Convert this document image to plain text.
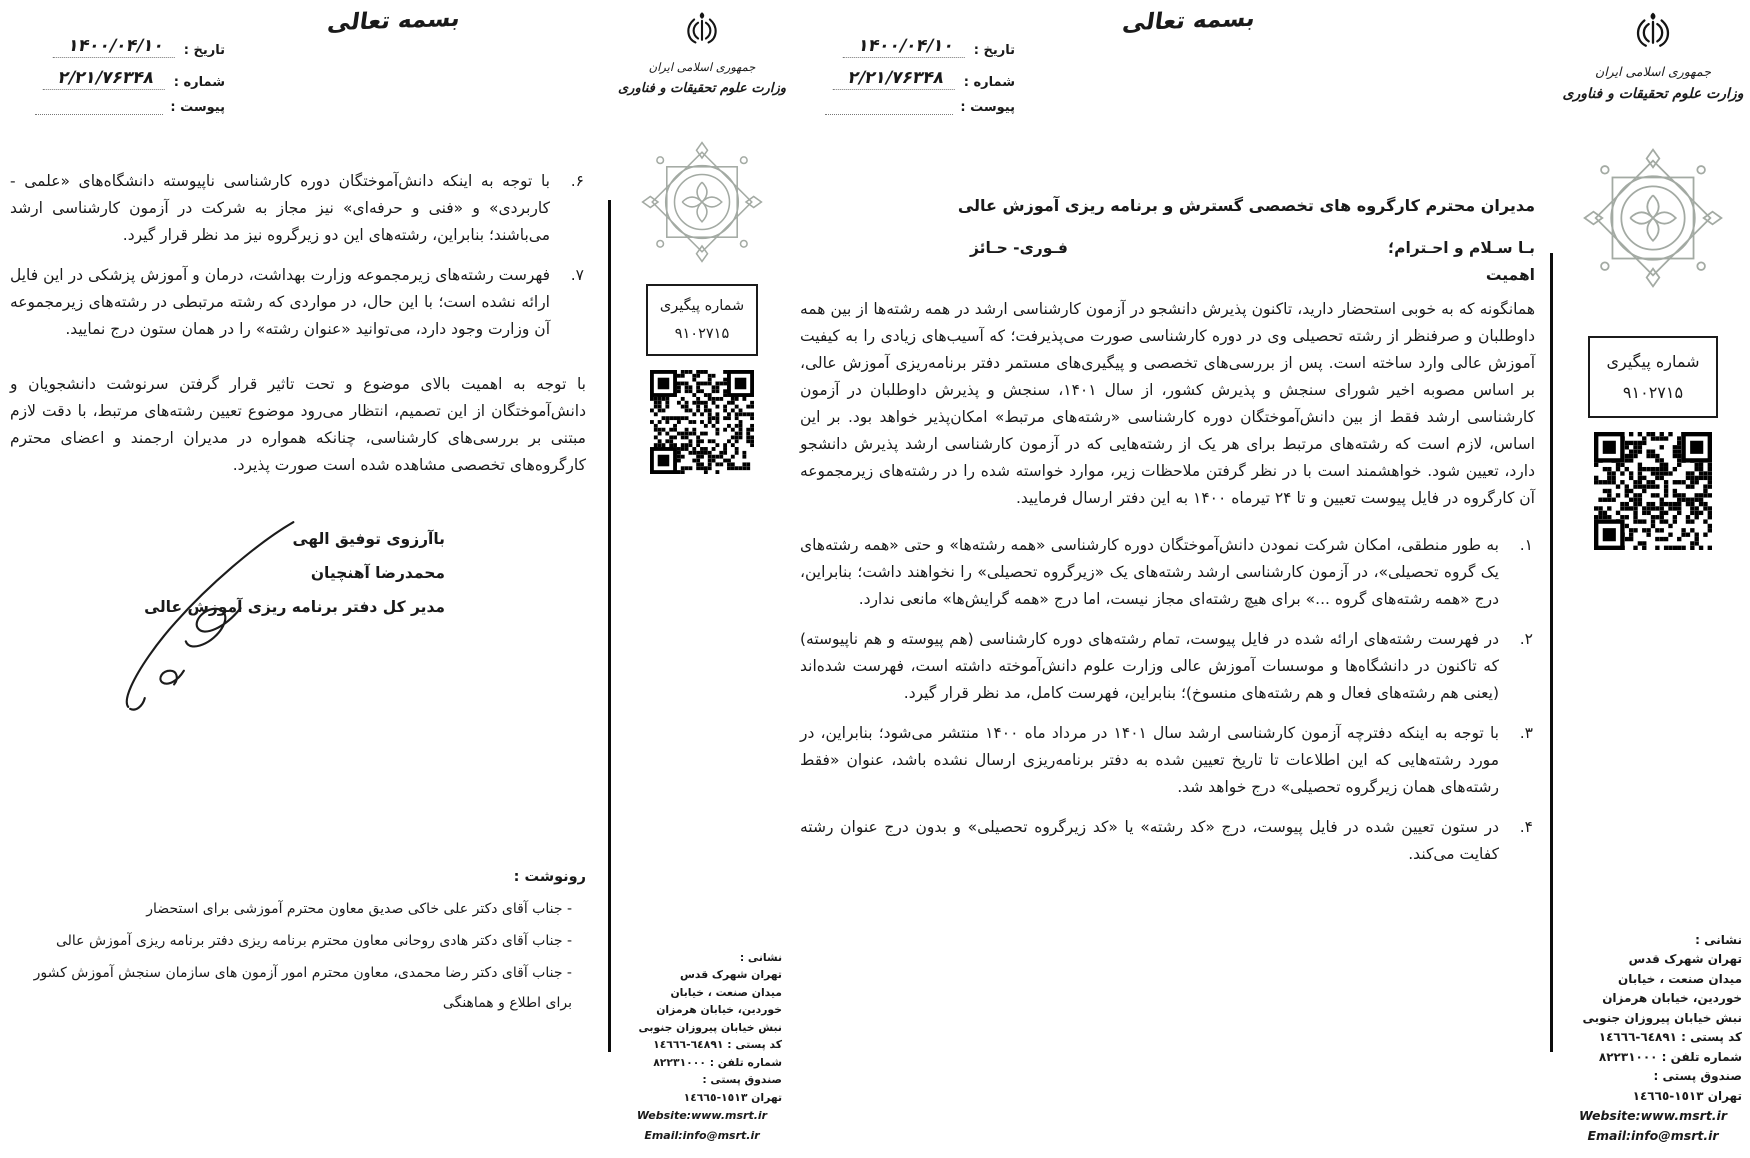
جمهوری اسلامی ایران
وزارت علوم تحقیقات و فناوری
شماره پیگیری
۹۱۰۲۷۱۵
نشانی :
تهران شهرک قدس
میدان صنعت ، خیابان
خوردین، خیابان هرمزان
نبش خیابان پیروزان جنوبی
کد پستی : ٦٤٨٩١-١٤٦٦٦
شماره تلفن : ٨٢٢٣١٠٠٠
صندوق پستی :
تهران ١٥١٣-١٤٦٦٥
Website:www.msrt.ir
Email:info@msrt.ir
بسمه تعالی
تاریخ :
۱۴۰۰/۰۴/۱۰
شماره :
۲/۲۱/۷۶۳۴۸
پیوست :
مدیران محترم کارگروه های تخصصی گسترش و برنامه ریزی آموزش عالی
بـا سـلام و احـترام؛
فـوری- حـائز
اهمیت
همانگونه که به خوبی استحضار دارید، تاکنون پذیرش دانشجو در آزمون کارشناسی ارشد در همه رشته‌ها از بین همه داوطلبان و صرفنظر از رشته تحصیلی وی در دوره کارشناسی صورت می‌پذیرفت؛ که آسیب‌های زیادی را به کیفیت آموزش عالی وارد ساخته است. پس از بررسی‌های تخصصی و پیگیری‌های مستمر دفتر برنامه‌ریزی آموزش عالی، بر اساس مصوبه اخیر شورای سنجش و پذیرش کشور، از سال ۱۴۰۱، سنجش و پذیرش داوطلبان در آزمون کارشناسی ارشد فقط از بین دانش‌آموختگان دوره کارشناسی «رشته‌های مرتبط» امکان‌پذیر خواهد بود. بر این اساس، لازم است که رشته‌های مرتبط برای هر یک از رشته‌هایی که در آزمون کارشناسی ارشد پذیرش دانشجو دارد، تعیین شود. خواهشمند است با در نظر گرفتن ملاحظات زیر، موارد خواسته شده را در رشته‌های زیرمجموعه آن کارگروه در فایل پیوست تعیین و تا ۲۴ تیرماه ۱۴۰۰ به این دفتر ارسال فرمایید.
۱.
به طور منطقی، امکان شرکت نمودن دانش‌آموختگان دوره کارشناسی «همه رشته‌ها» و حتی «همه رشته‌های یک گروه تحصیلی»، در آزمون کارشناسی ارشد رشته‌های یک «زیرگروه تحصیلی» را نخواهند داشت؛ بنابراین، درج «همه رشته‌های گروه ...» برای هیچ رشته‌ای مجاز نیست، اما درج «همه گرایش‌ها» مانعی ندارد.
۲.
در فهرست رشته‌های ارائه شده در فایل پیوست، تمام رشته‌های دوره کارشناسی (هم پیوسته و هم ناپیوسته) که تاکنون در دانشگاه‌ها و موسسات آموزش عالی وزارت علوم دانش‌آموخته داشته است، فهرست شده‌اند (یعنی هم رشته‌های فعال و هم رشته‌های منسوخ)؛ بنابراین، فهرست کامل، مد نظر قرار گیرد.
۳.
با توجه به اینکه دفترچه آزمون کارشناسی ارشد سال ۱۴۰۱ در مرداد ماه ۱۴۰۰ منتشر می‌شود؛ بنابراین، در مورد رشته‌هایی که این اطلاعات تا تاریخ تعیین شده به دفتر برنامه‌ریزی ارسال نشده باشد، عنوان «فقط رشته‌های همان زیرگروه تحصیلی» درج خواهد شد.
۴.
در ستون تعیین شده در فایل پیوست، درج «کد رشته» یا «کد زیرگروه تحصیلی» و بدون درج عنوان رشته کفایت می‌کند.
جمهوری اسلامی ایران
وزارت علوم تحقیقات و فناوری
شماره پیگیری
۹۱۰۲۷۱۵
نشانی :
تهران شهرک قدس
میدان صنعت ، خیابان
خوردین، خیابان هرمزان
نبش خیابان پیروزان جنوبی
کد پستی : ٦٤٨٩١-١٤٦٦٦
شماره تلفن : ٨٢٢٣١٠٠٠
صندوق پستی :
تهران ١٥١٣-١٤٦٦٥
Website:www.msrt.ir
Email:info@msrt.ir
بسمه تعالی
تاریخ :
۱۴۰۰/۰۴/۱۰
شماره :
۲/۲۱/۷۶۳۴۸
پیوست :
۶.
با توجه به اینکه دانش‌آموختگان دوره کارشناسی ناپیوسته دانشگاه‌های «علمی - کاربردی» و «فنی و حرفه‌ای» نیز مجاز به شرکت در آزمون کارشناسی ارشد می‌باشند؛ بنابراین، رشته‌های این دو زیرگروه نیز مد نظر قرار گیرد.
۷.
فهرست رشته‌های زیرمجموعه وزارت بهداشت، درمان و آموزش پزشکی در این فایل ارائه نشده است؛ با این حال، در مواردی که رشته مرتبطی در رشته‌های زیرمجموعه آن وزارت وجود دارد، می‌توانید «عنوان رشته» را در همان ستون درج نمایید.
با توجه به اهمیت بالای موضوع و تحت تاثیر قرار گرفتن سرنوشت دانشجویان و دانش‌آموختگان از این تصمیم، انتظار می‌رود موضوع تعیین رشته‌های مرتبط، با دقت لازم مبتنی بر بررسی‌های کارشناسی، چنانکه همواره در مدیران ارجمند و اعضای محترم کارگروه‌های تخصصی مشاهده شده است صورت پذیرد.
باآرزوی توفیق الهی
محمدرضا آهنچیان
مدیر کل دفتر برنامه ریزی آموزش عالی
رونوشت :
- جناب آقای دکتر علی خاکی صدیق معاون محترم آموزشی برای استحضار
- جناب آقای دکتر هادی روحانی معاون محترم برنامه ریزی دفتر برنامه ریزی آموزش عالی
- جناب آقای دکتر رضا محمدی، معاون محترم امور آزمون های سازمان سنجش آموزش کشور برای اطلاع و هماهنگی
